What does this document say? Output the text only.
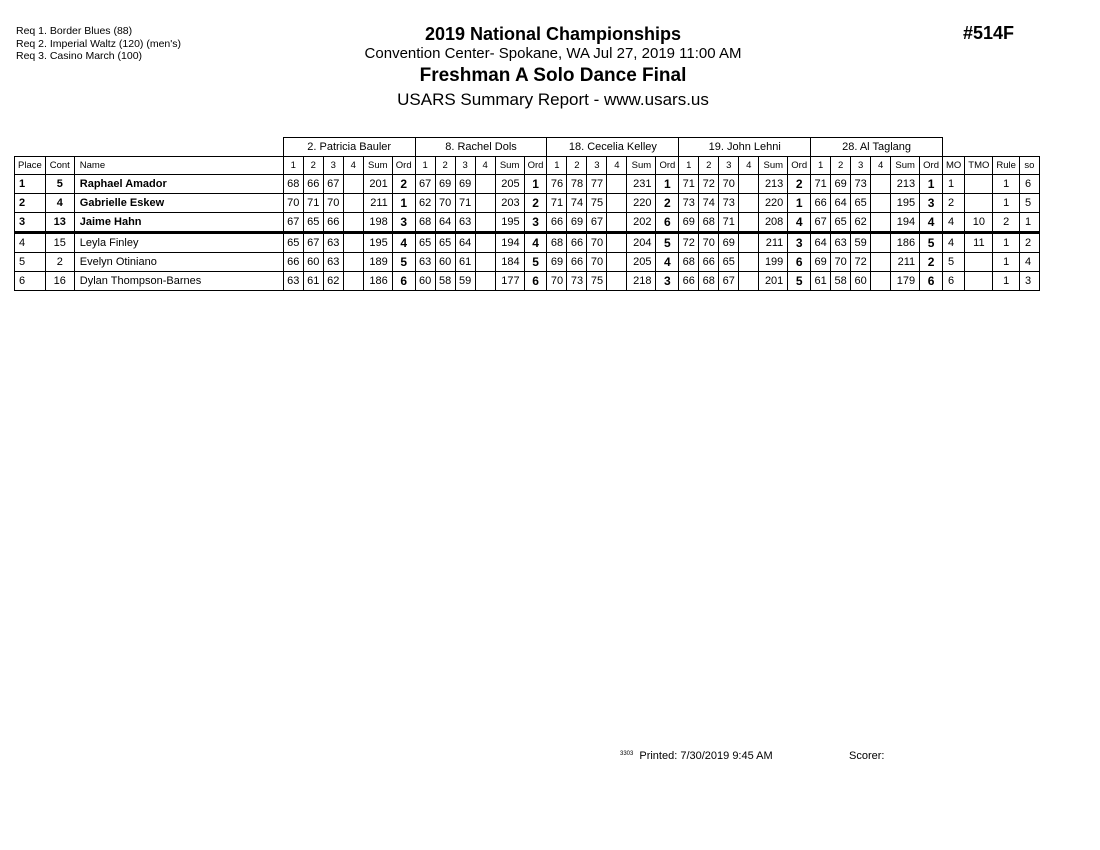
Req 1. Border Blues (88)
Req 2. Imperial Waltz (120) (men's)
Req 3. Casino March (100)
2019 National Championships
Convention Center- Spokane, WA Jul 27, 2019 11:00 AM
Freshman A Solo Dance Final
USARS Summary Report - www.usars.us
#514F
			2. Patricia Bauler						8. Rachel Dols						18. Cecelia Kelley						19. John Lehni						28. Al Taglang									
Place	Cont	Name	1	2	3	4	Sum	Ord	1	2	3	4	Sum	Ord	1	2	3	4	Sum	Ord	1	2	3	4	Sum	Ord	1	2	3	4	Sum	Ord	MO	TMO	Rule	so
1	5	Raphael Amador	68	66	67		201	2	67	69	69		205	1	76	78	77		231	1	71	72	70		213	2	71	69	73		213	1	1		1	6
2	4	Gabrielle Eskew	70	71	70		211	1	62	70	71		203	2	71	74	75		220	2	73	74	73		220	1	66	64	65		195	3	2		1	5
3	13	Jaime Hahn	67	65	66		198	3	68	64	63		195	3	66	69	67		202	6	69	68	71		208	4	67	65	62		194	4	4	10	2	1
4	15	Leyla Finley	65	67	63		195	4	65	65	64		194	4	68	66	70		204	5	72	70	69		211	3	64	63	59		186	5	4	11	1	2
5	2	Evelyn Otiniano	66	60	63		189	5	63	60	61		184	5	69	66	70		205	4	68	66	65		199	6	69	70	72		211	2	5		1	4
6	16	Dylan Thompson-Barnes	63	61	62		186	6	60	58	59		177	6	70	73	75		218	3	66	68	67		201	5	61	58	60		179	6	6		1	3
$^{3303}$ Printed: 7/30/2019 9:45 AM	Scorer:
